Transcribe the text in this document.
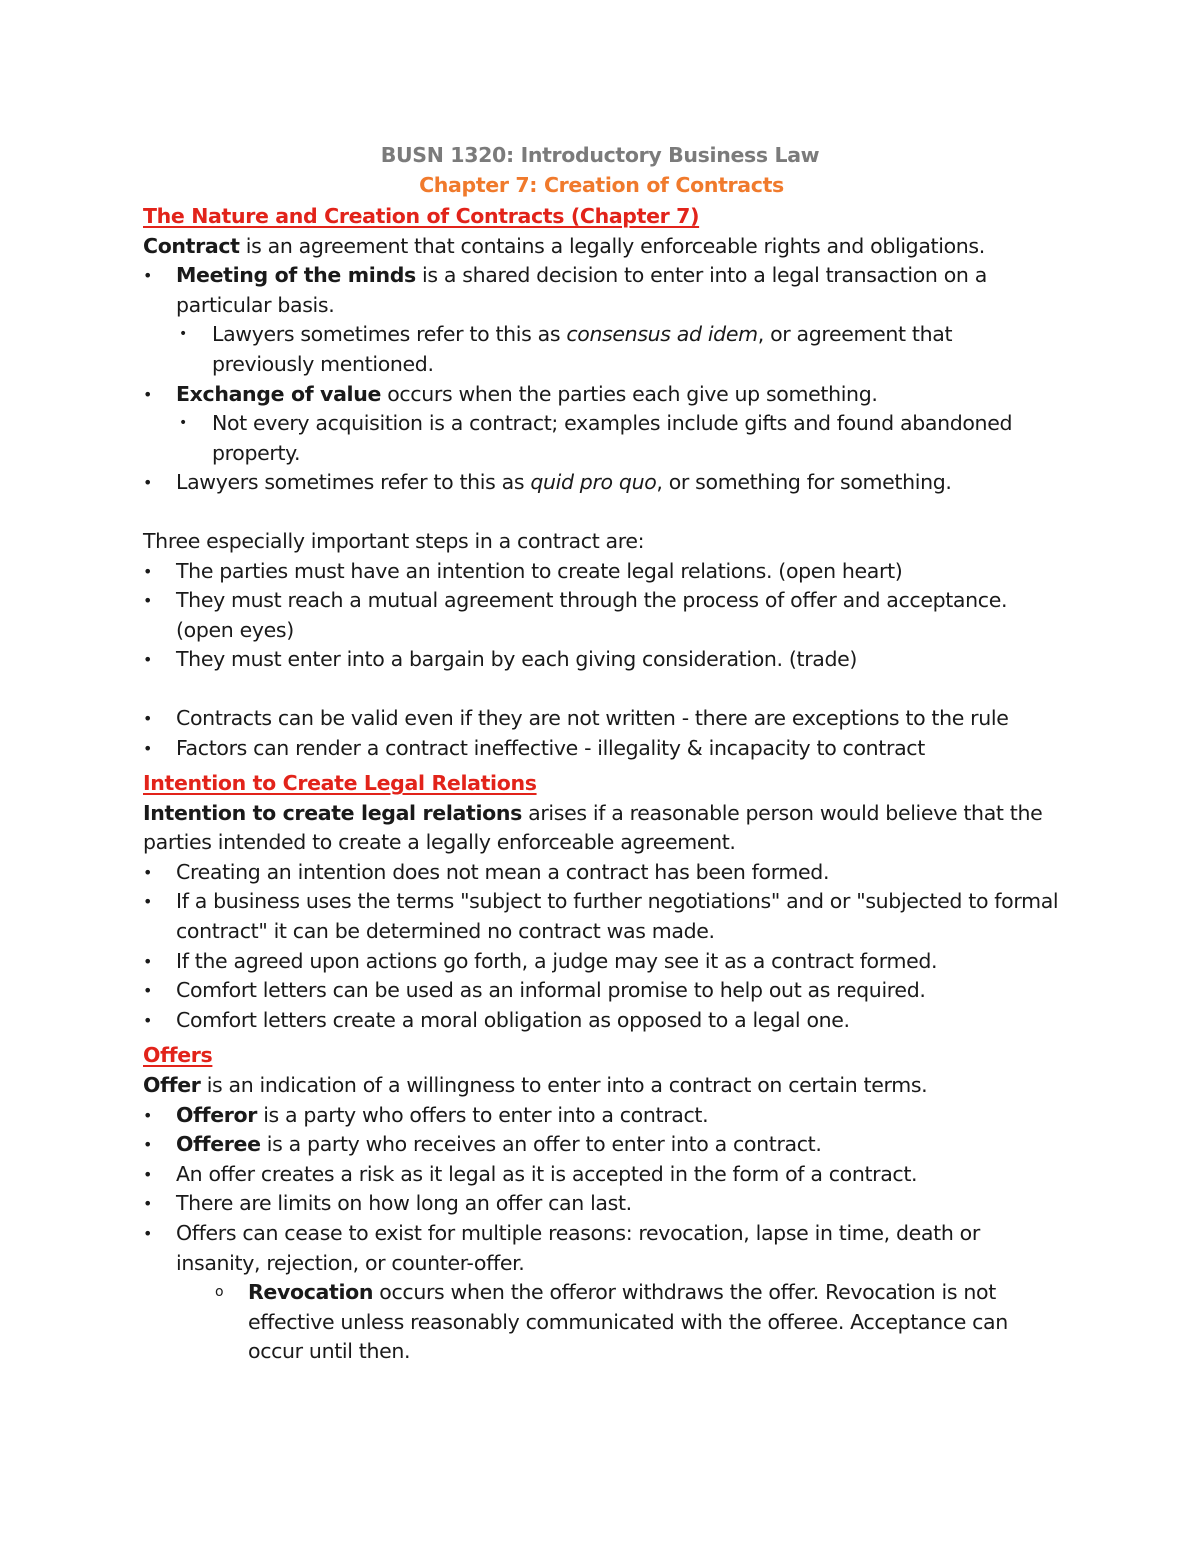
BUSN 1320: Introductory Business Law
Chapter 7: Creation of Contracts
The Nature and Creation of Contracts (Chapter 7)

Contract is an agreement that contains a legally enforceable rights and obligations.

• Meeting of the minds is a shared decision to enter into a legal transaction on a particular basis.
• Lawyers sometimes refer to this as consensus ad idem, or agreement that previously mentioned.
• Exchange of value occurs when the parties each give up something.
• Not every acquisition is a contract; examples include gifts and found abandoned property.
• Lawyers sometimes refer to this as quid pro quo, or something for something.

Three especially important steps in a contract are:

• The parties must have an intention to create legal relations. (open heart)
• They must reach a mutual agreement through the process of offer and acceptance. (open eyes)
• They must enter into a bargain by each giving consideration. (trade)
• Contracts can be valid even if they are not written - there are exceptions to the rule
• Factors can render a contract ineffective - illegality & incapacity to contract
Intention to Create Legal Relations

Intention to create legal relations arises if a reasonable person would believe that the parties intended to create a legally enforceable agreement.

• Creating an intention does not mean a contract has been formed.
• If a business uses the terms "subject to further negotiations" and or "subjected to formal contract" it can be determined no contract was made.
• If the agreed upon actions go forth, a judge may see it as a contract formed.
• Comfort letters can be used as an informal promise to help out as required.
• Comfort letters create a moral obligation as opposed to a legal one.
Offers

Offer is an indication of a willingness to enter into a contract on certain terms.

• Offeror is a party who offers to enter into a contract.
• Offeree is a party who receives an offer to enter into a contract.
• An offer creates a risk as it legal as it is accepted in the form of a contract.
• There are limits on how long an offer can last.
• Offers can cease to exist for multiple reasons: revocation, lapse in time, death or insanity, rejection, or counter-offer.
o Revocation occurs when the offeror withdraws the offer. Revocation is not effective unless reasonably communicated with the offeree. Acceptance can occur until then.
